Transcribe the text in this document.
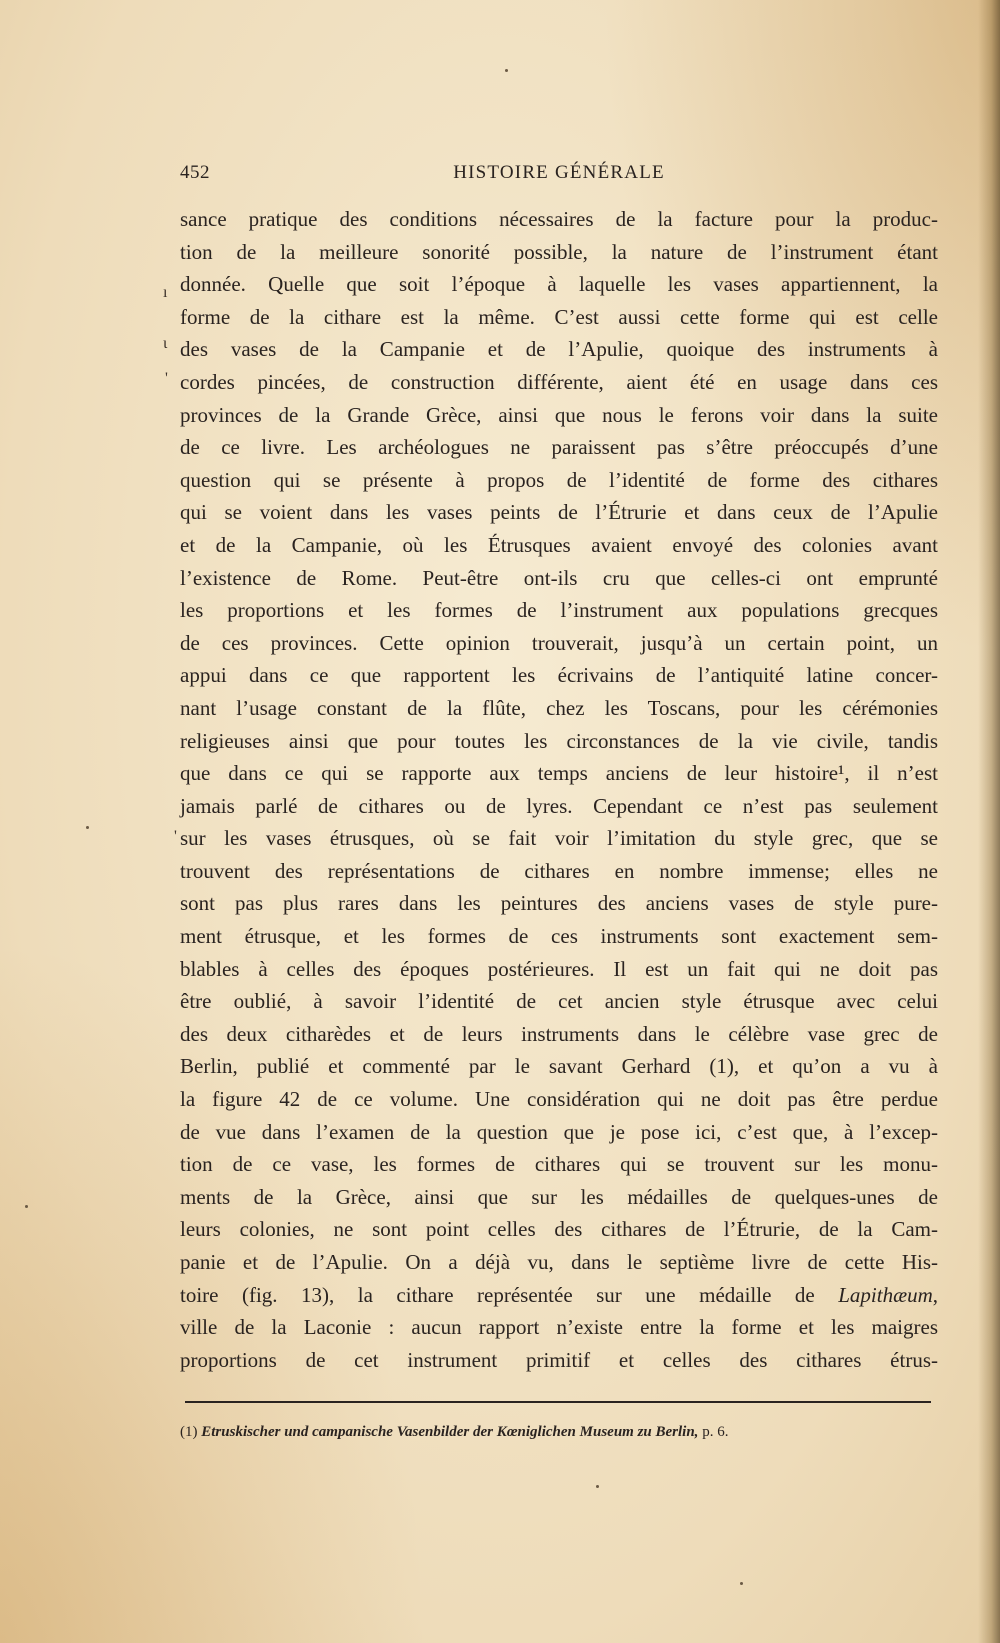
452	HISTOIRE GÉNÉRALE
sance pratique des conditions nécessaires de la facture pour la produc-
tion de la meilleure sonorité possible, la nature de l’instrument étant
donnée. Quelle que soit l’époque à laquelle les vases appartiennent, la
forme de la cithare est la même. C’est aussi cette forme qui est celle
des vases de la Campanie et de l’Apulie, quoique des instruments à
cordes pincées, de construction différente, aient été en usage dans ces
provinces de la Grande Grèce, ainsi que nous le ferons voir dans la suite
de ce livre. Les archéologues ne paraissent pas s’être préoccupés d’une
question qui se présente à propos de l’identité de forme des cithares
qui se voient dans les vases peints de l’Étrurie et dans ceux de l’Apulie
et de la Campanie, où les Étrusques avaient envoyé des colonies avant
l’existence de Rome. Peut-être ont-ils cru que celles-ci ont emprunté
les proportions et les formes de l’instrument aux populations grecques
de ces provinces. Cette opinion trouverait, jusqu’à un certain point, un
appui dans ce que rapportent les écrivains de l’antiquité latine concer-
nant l’usage constant de la flûte, chez les Toscans, pour les cérémonies
religieuses ainsi que pour toutes les circonstances de la vie civile, tandis
que dans ce qui se rapporte aux temps anciens de leur histoire¹, il n’est
jamais parlé de cithares ou de lyres. Cependant ce n’est pas seulement
sur les vases étrusques, où se fait voir l’imitation du style grec, que se
trouvent des représentations de cithares en nombre immense; elles ne
sont pas plus rares dans les peintures des anciens vases de style pure-
ment étrusque, et les formes de ces instruments sont exactement sem-
blables à celles des époques postérieures. Il est un fait qui ne doit pas
être oublié, à savoir l’identité de cet ancien style étrusque avec celui
des deux citharèdes et de leurs instruments dans le célèbre vase grec de
Berlin, publié et commenté par le savant Gerhard (1), et qu’on a vu à
la figure 42 de ce volume. Une considération qui ne doit pas être perdue
de vue dans l’examen de la question que je pose ici, c’est que, à l’excep-
tion de ce vase, les formes de cithares qui se trouvent sur les monu-
ments de la Grèce, ainsi que sur les médailles de quelques-unes de
leurs colonies, ne sont point celles des cithares de l’Étrurie, de la Cam-
panie et de l’Apulie. On a déjà vu, dans le septième livre de cette His-
toire (fig. 13), la cithare représentée sur une médaille de Lapithæum,
ville de la Laconie : aucun rapport n’existe entre la forme et les maigres
proportions de cet instrument primitif et celles des cithares étrus-
(1) Etruskischer und campanische Vasenbilder der Kœniglichen Museum zu Berlin, p. 6.
ı
ɩ
'
'
